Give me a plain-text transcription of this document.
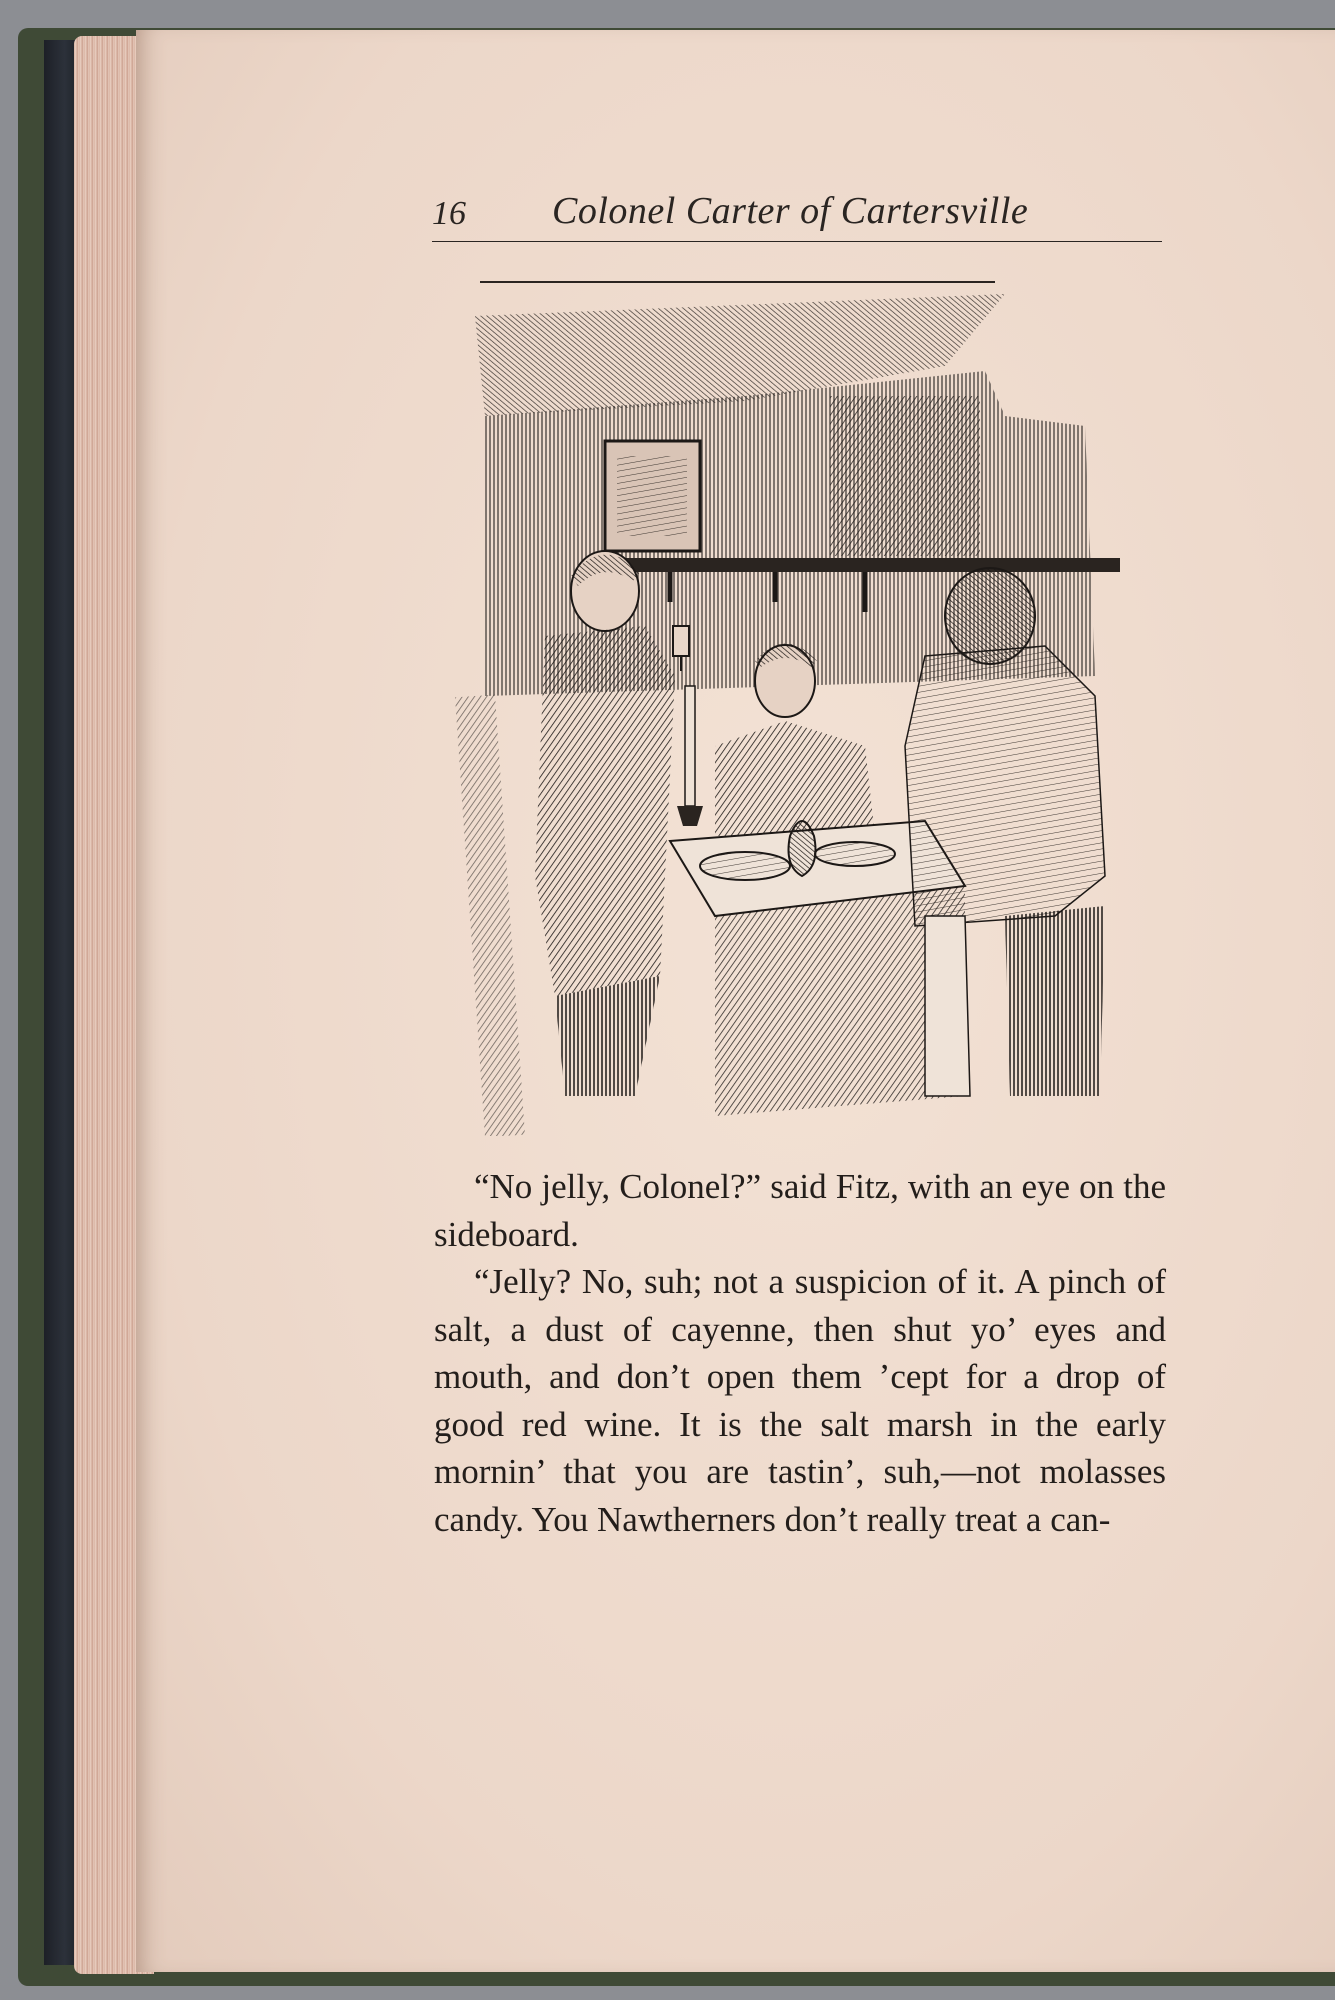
16 Colonel Carter of Cartersville

“No jelly, Colonel?” said Fitz, with an eye on the sideboard.

“Jelly? No, suh; not a suspicion of it. A pinch of salt, a dust of cayenne, then shut yo’ eyes and mouth, and don’t open them ’cept for a drop of good red wine. It is the salt marsh in the early mornin’ that you are tastin’, suh,—not molasses candy. You Nawtherners don’t really treat a can-
